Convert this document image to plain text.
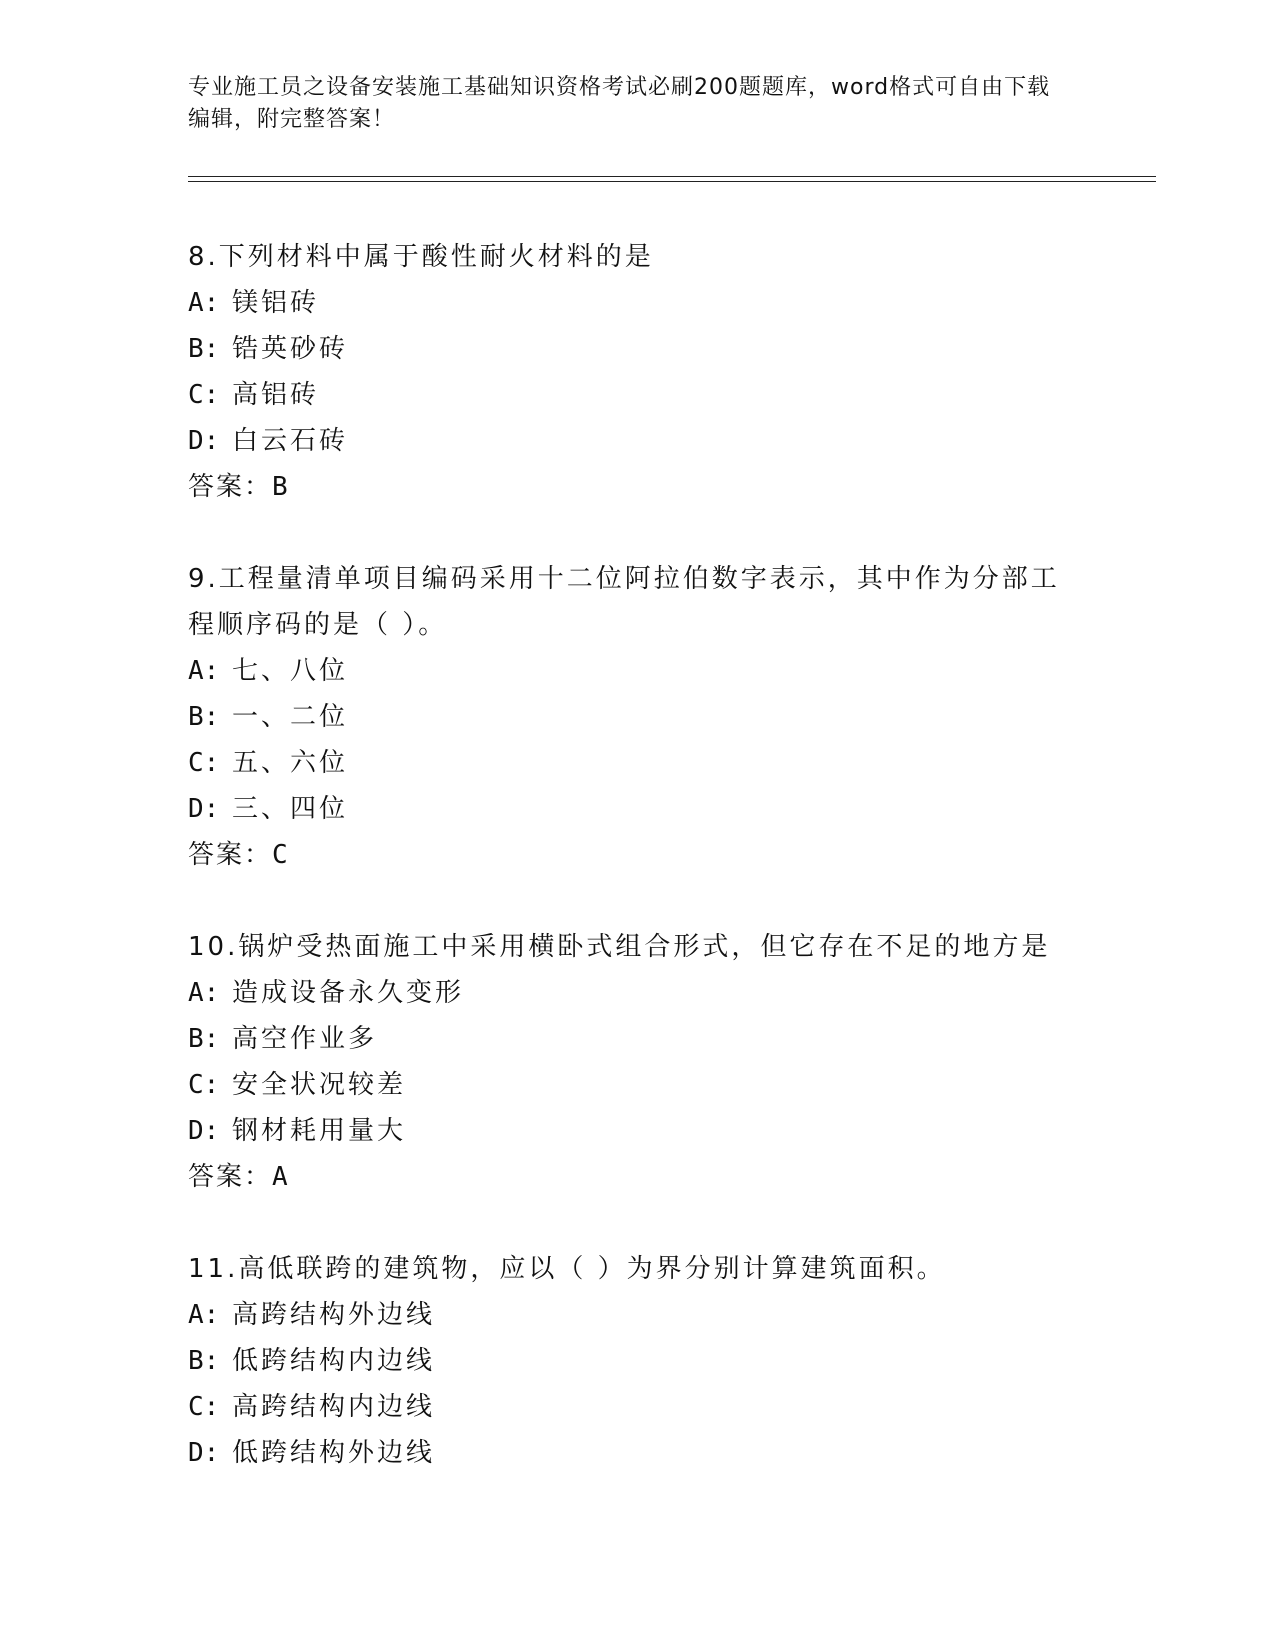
专业施工员之设备安装施工基础知识资格考试必刷200题题库，word格式可自由下载编辑，附完整答案！
8.下列材料中属于酸性耐火材料的是
A: 镁铝砖
B: 锆英砂砖
C: 高铝砖
D: 白云石砖
答案：B
9.工程量清单项目编码采用十二位阿拉伯数字表示，其中作为分部工程顺序码的是（ ）。
A: 七、八位
B: 一、二位
C: 五、六位
D: 三、四位
答案：C
10.锅炉受热面施工中采用横卧式组合形式，但它存在不足的地方是
A: 造成设备永久变形
B: 高空作业多
C: 安全状况较差
D: 钢材耗用量大
答案：A
11.高低联跨的建筑物，应以（ ）为界分别计算建筑面积。
A: 高跨结构外边线
B: 低跨结构内边线
C: 高跨结构内边线
D: 低跨结构外边线
